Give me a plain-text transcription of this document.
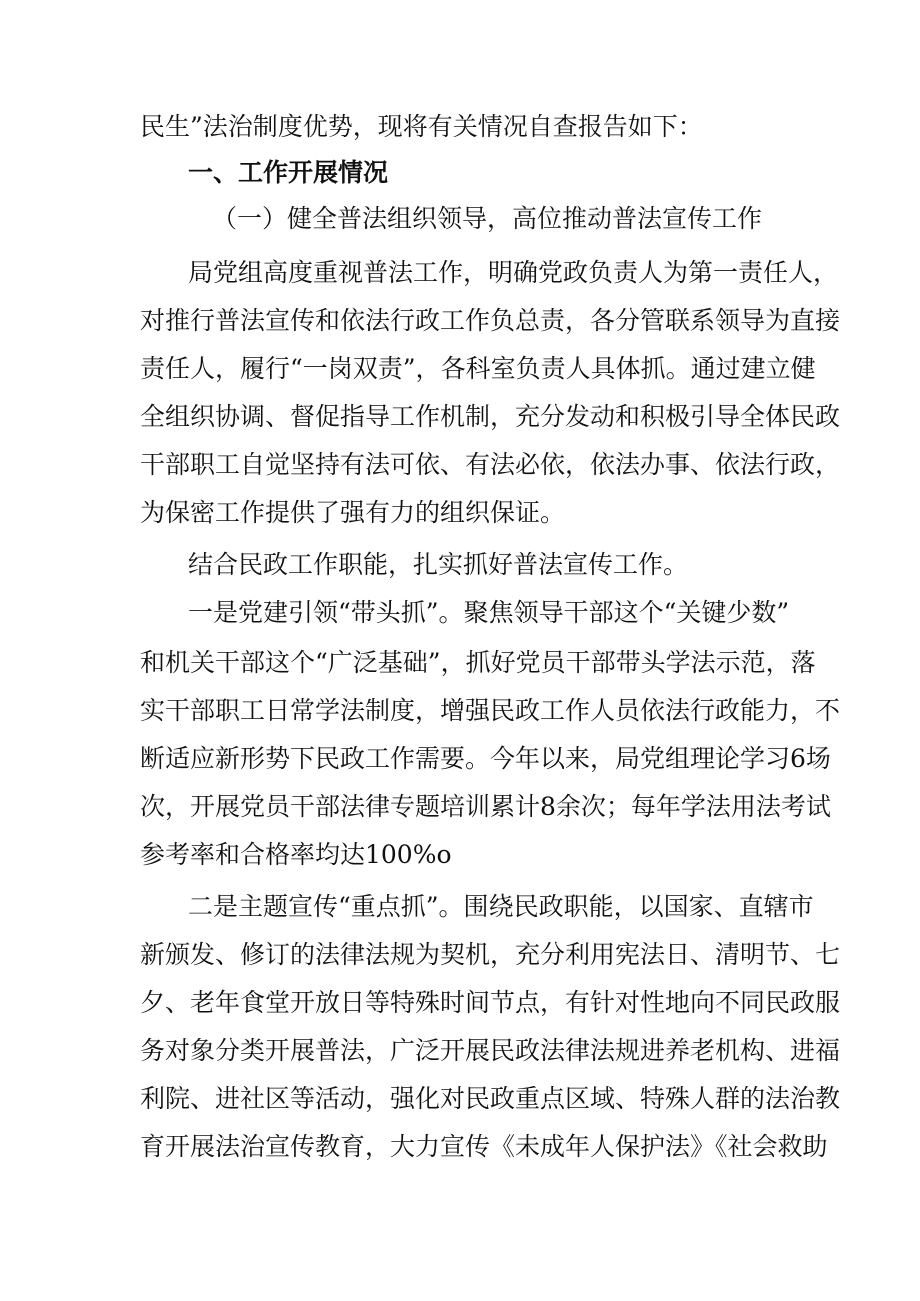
民生”法治制度优势，现将有关情况自查报告如下：
一、工作开展情况
（一）健全普法组织领导，高位推动普法宣传工作
局党组高度重视普法工作，明确党政负责人为第一责任人，
对推行普法宣传和依法行政工作负总责，各分管联系领导为直接
责任人，履行“一岗双责”，各科室负责人具体抓。通过建立健
全组织协调、督促指导工作机制，充分发动和积极引导全体民政
干部职工自觉坚持有法可依、有法必依，依法办事、依法行政，
为保密工作提供了强有力的组织保证。
结合民政工作职能，扎实抓好普法宣传工作。
一是党建引领“带头抓”。聚焦领导干部这个“关键少数”
和机关干部这个“广泛基础”，抓好党员干部带头学法示范，落
实干部职工日常学法制度，增强民政工作人员依法行政能力，不
断适应新形势下民政工作需要。今年以来，局党组理论学习6场
次，开展党员干部法律专题培训累计8余次；每年学法用法考试
参考率和合格率均达100%o
二是主题宣传“重点抓”。围绕民政职能，以国家、直辖市
新颁发、修订的法律法规为契机，充分利用宪法日、清明节、七
夕、老年食堂开放日等特殊时间节点，有针对性地向不同民政服
务对象分类开展普法，广泛开展民政法律法规进养老机构、进福
利院、进社区等活动，强化对民政重点区域、特殊人群的法治教
育开展法治宣传教育，大力宣传《未成年人保护法》《社会救助
